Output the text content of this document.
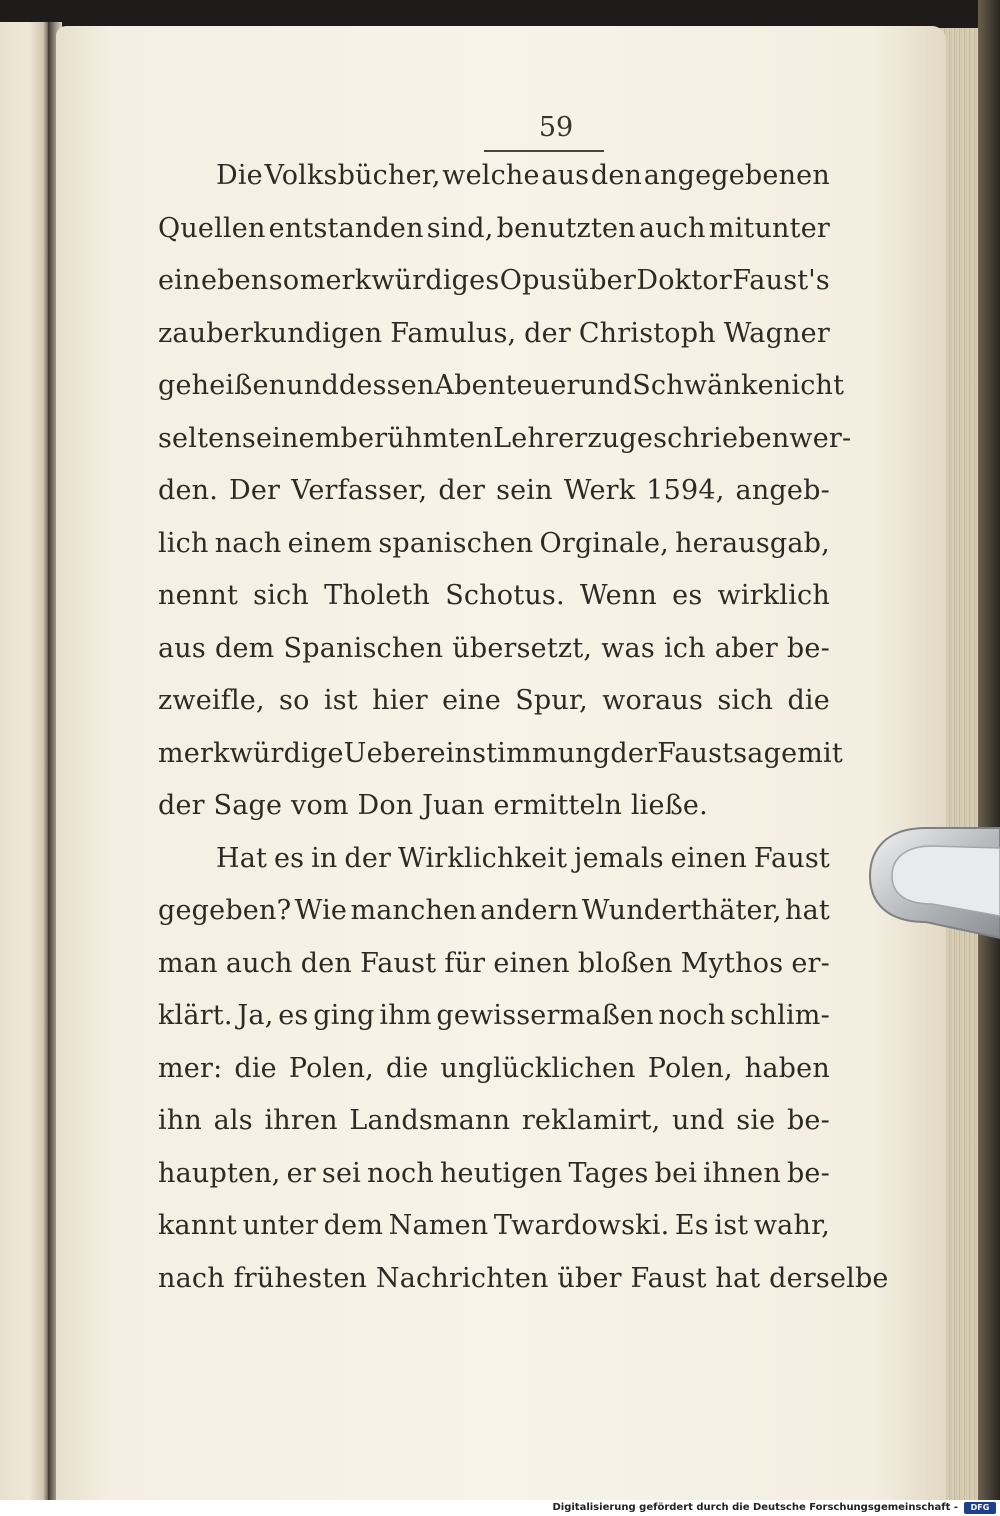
59
Die Volksbücher, welche aus den angegebenen
Quellen entstanden sind, benutzten auch mitunter
ein eben so merkwürdiges Opus über Doktor Faust's
zauberkundigen Famulus, der Christoph Wagner
geheißen und dessen Abenteuer und Schwänke nicht
selten seinem berühmten Lehrer zugeschrieben wer-
den. Der Verfasser, der sein Werk 1594, angeb-
lich nach einem spanischen Orginale, herausgab,
nennt sich Tholeth Schotus. Wenn es wirklich
aus dem Spanischen übersetzt, was ich aber be-
zweifle, so ist hier eine Spur, woraus sich die
merkwürdige Uebereinstimmung der Faustsage mit
der Sage vom Don Juan ermitteln ließe.
Hat es in der Wirklichkeit jemals einen Faust
gegeben? Wie manchen andern Wunderthäter, hat
man auch den Faust für einen bloßen Mythos er-
klärt. Ja, es ging ihm gewissermaßen noch schlim-
mer: die Polen, die unglücklichen Polen, haben
ihn als ihren Landsmann reklamirt, und sie be-
haupten, er sei noch heutigen Tages bei ihnen be-
kannt unter dem Namen Twardowski. Es ist wahr,
nach frühesten Nachrichten über Faust hat derselbe
Digitalisierung gefördert durch die Deutsche Forschungsgemeinschaft -	DFG
